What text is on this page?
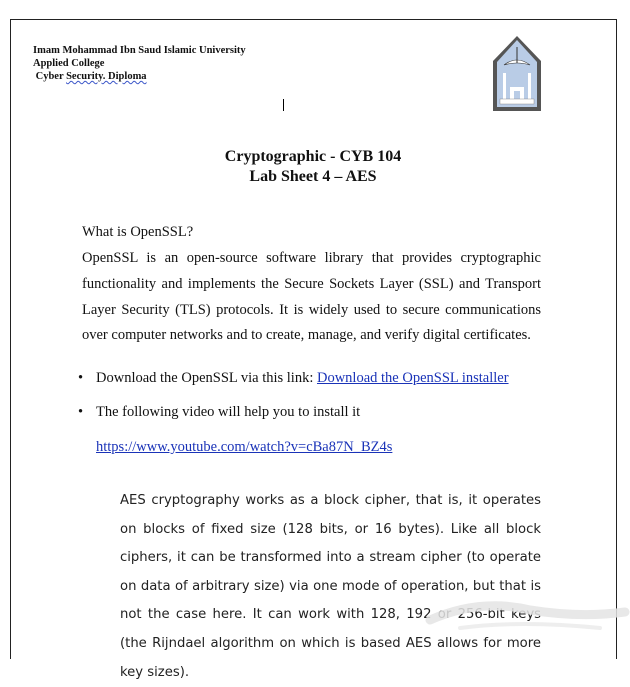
Imam Mohammad Ibn Saud Islamic University
Applied College
Cyber Security. Diploma
Cryptographic - CYB 104
Lab Sheet 4 – AES
What is OpenSSL?
OpenSSL is an open-source software library that provides cryptographic functionality and implements the Secure Sockets Layer (SSL) and Transport Layer Security (TLS) protocols. It is widely used to secure communications over computer networks and to create, manage, and verify digital certificates.
• Download the OpenSSL via this link: Download the OpenSSL installer
• The following video will help you to install it
https://www.youtube.com/watch?v=cBa87N_BZ4s
AES cryptography works as a block cipher, that is, it operates on blocks of fixed size (128 bits, or 16 bytes). Like all block ciphers, it can be transformed into a stream cipher (to operate on data of arbitrary size) via one mode of operation, but that is not the case here. It can work with 128, 192 or 256-bit keys (the Rijndael algorithm on which is based AES allows for more key sizes).
